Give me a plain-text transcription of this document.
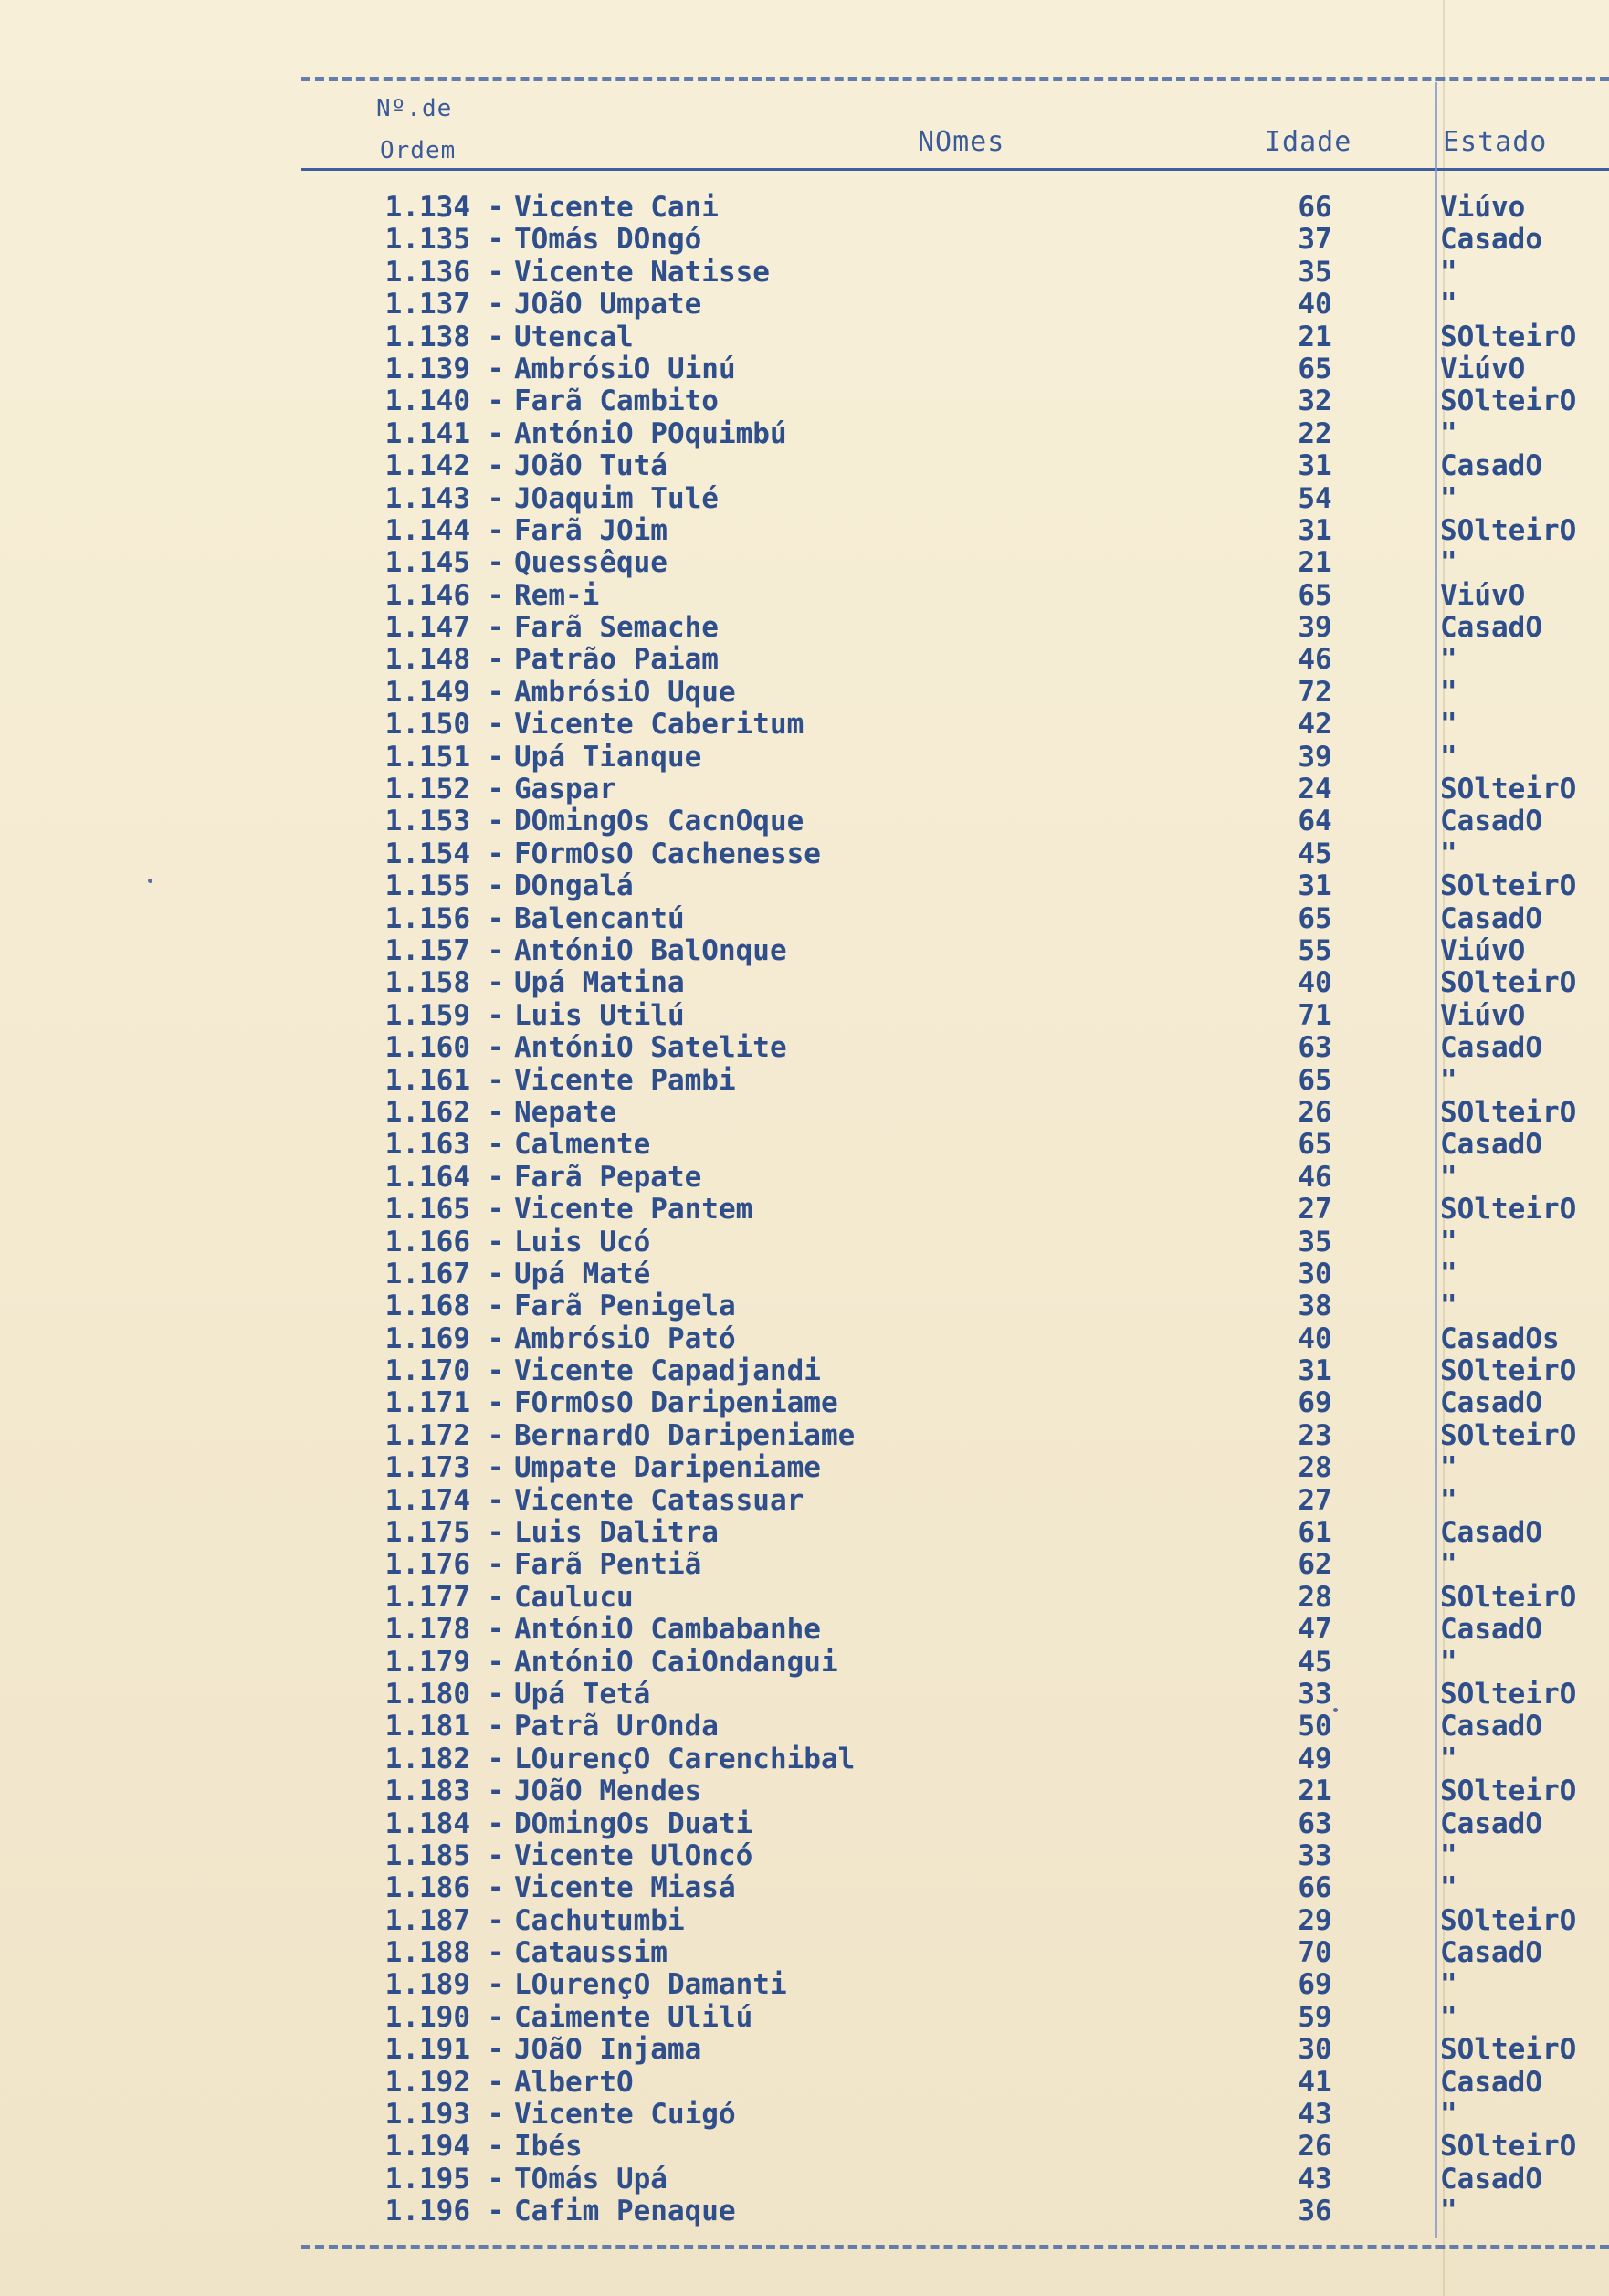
Nº.de
Ordem	NOmes	Idade	Estado
1.134 - Vicente Cani	66	Viúvo
1.135 - TOmás DOngó	37	Casado
1.136 - Vicente Natisse	35	"
1.137 - JOãO Umpate	40	"
1.138 - Utencal	21	SOlteirO
1.139 - AmbrósiO Uinú	65	ViúvO
1.140 - Farã Cambito	32	SOlteirO
1.141 - AntóniO POquimbú	22	"
1.142 - JOãO Tutá	31	CasadO
1.143 - JOaquim Tulé	54	"
1.144 - Farã JOim	31	SOlteirO
1.145 - Quessêque	21	"
1.146 - Rem-i	65	ViúvO
1.147 - Farã Semache	39	CasadO
1.148 - Patrão Paiam	46	"
1.149 - AmbrósiO Uque	72	"
1.150 - Vicente Caberitum	42	"
1.151 - Upá Tianque	39	"
1.152 - Gaspar	24	SOlteirO
1.153 - DOmingOs CacnOque	64	CasadO
1.154 - FOrmOsO Cachenesse	45	"
1.155 - DOngalá	31	SOlteirO
1.156 - Balencantú	65	CasadO
1.157 - AntóniO BalOnque	55	ViúvO
1.158 - Upá Matina	40	SOlteirO
1.159 - Luis Utilú	71	ViúvO
1.160 - AntóniO Satelite	63	CasadO
1.161 - Vicente Pambi	65	"
1.162 - Nepate	26	SOlteirO
1.163 - Calmente	65	CasadO
1.164 - Farã Pepate	46	"
1.165 - Vicente Pantem	27	SOlteirO
1.166 - Luis Ucó	35	"
1.167 - Upá Maté	30	"
1.168 - Farã Penigela	38	"
1.169 - AmbrósiO Pató	40	CasadOs
1.170 - Vicente Capadjandi	31	SOlteirO
1.171 - FOrmOsO Daripeniame	69	CasadO
1.172 - BernardO Daripeniame	23	SOlteirO
1.173 - Umpate Daripeniame	28	"
1.174 - Vicente Catassuar	27	"
1.175 - Luis Dalitra	61	CasadO
1.176 - Farã Pentiã	62	"
1.177 - Caulucu	28	SOlteirO
1.178 - AntóniO Cambabanhe	47	CasadO
1.179 - AntóniO CaiOndangui	45	"
1.180 - Upá Tetá	33	SOlteirO
1.181 - Patrã UrOnda	50	CasadO
1.182 - LOurençO Carenchibal	49	"
1.183 - JOãO Mendes	21	SOlteirO
1.184 - DOmingOs Duati	63	CasadO
1.185 - Vicente UlOncó	33	"
1.186 - Vicente Miasá	66	"
1.187 - Cachutumbi	29	SOlteirO
1.188 - Cataussim	70	CasadO
1.189 - LOurençO Damanti	69	"
1.190 - Caimente Ulilú	59	"
1.191 - JOãO Injama	30	SOlteirO
1.192 - AlbertO	41	CasadO
1.193 - Vicente Cuigó	43	"
1.194 - Ibés	26	SOlteirO
1.195 - TOmás Upá	43	CasadO
1.196 - Cafim Penaque	36	"
